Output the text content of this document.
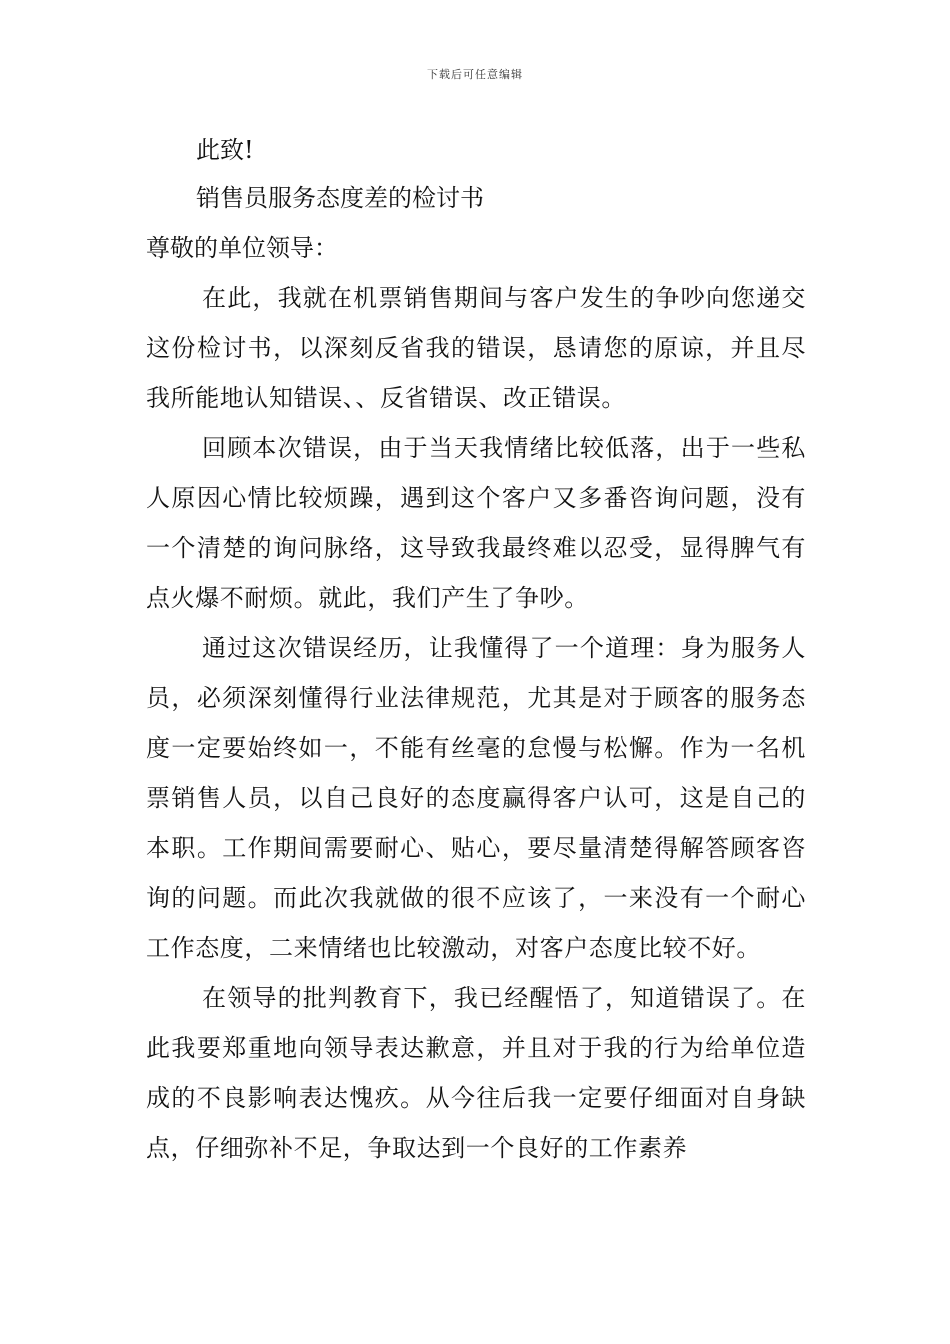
下载后可任意编辑

此致!

销售员服务态度差的检讨书

尊敬的单位领导：

在此，我就在机票销售期间与客户发生的争吵向您递交这份检讨书，以深刻反省我的错误，恳请您的原谅，并且尽我所能地认知错误、、反省错误、改正错误。

回顾本次错误，由于当天我情绪比较低落，出于一些私人原因心情比较烦躁，遇到这个客户又多番咨询问题，没有一个清楚的询问脉络，这导致我最终难以忍受，显得脾气有点火爆不耐烦。就此，我们产生了争吵。

通过这次错误经历，让我懂得了一个道理：身为服务人员，必须深刻懂得行业法律规范，尤其是对于顾客的服务态度一定要始终如一，不能有丝毫的怠慢与松懈。作为一名机票销售人员，以自己良好的态度赢得客户认可，这是自己的本职。工作期间需要耐心、贴心，要尽量清楚得解答顾客咨询的问题。而此次我就做的很不应该了，一来没有一个耐心工作态度，二来情绪也比较激动，对客户态度比较不好。

在领导的批判教育下，我已经醒悟了，知道错误了。在此我要郑重地向领导表达歉意，并且对于我的行为给单位造成的不良影响表达愧疚。从今往后我一定要仔细面对自身缺点，仔细弥补不足，争取达到一个良好的工作素养
